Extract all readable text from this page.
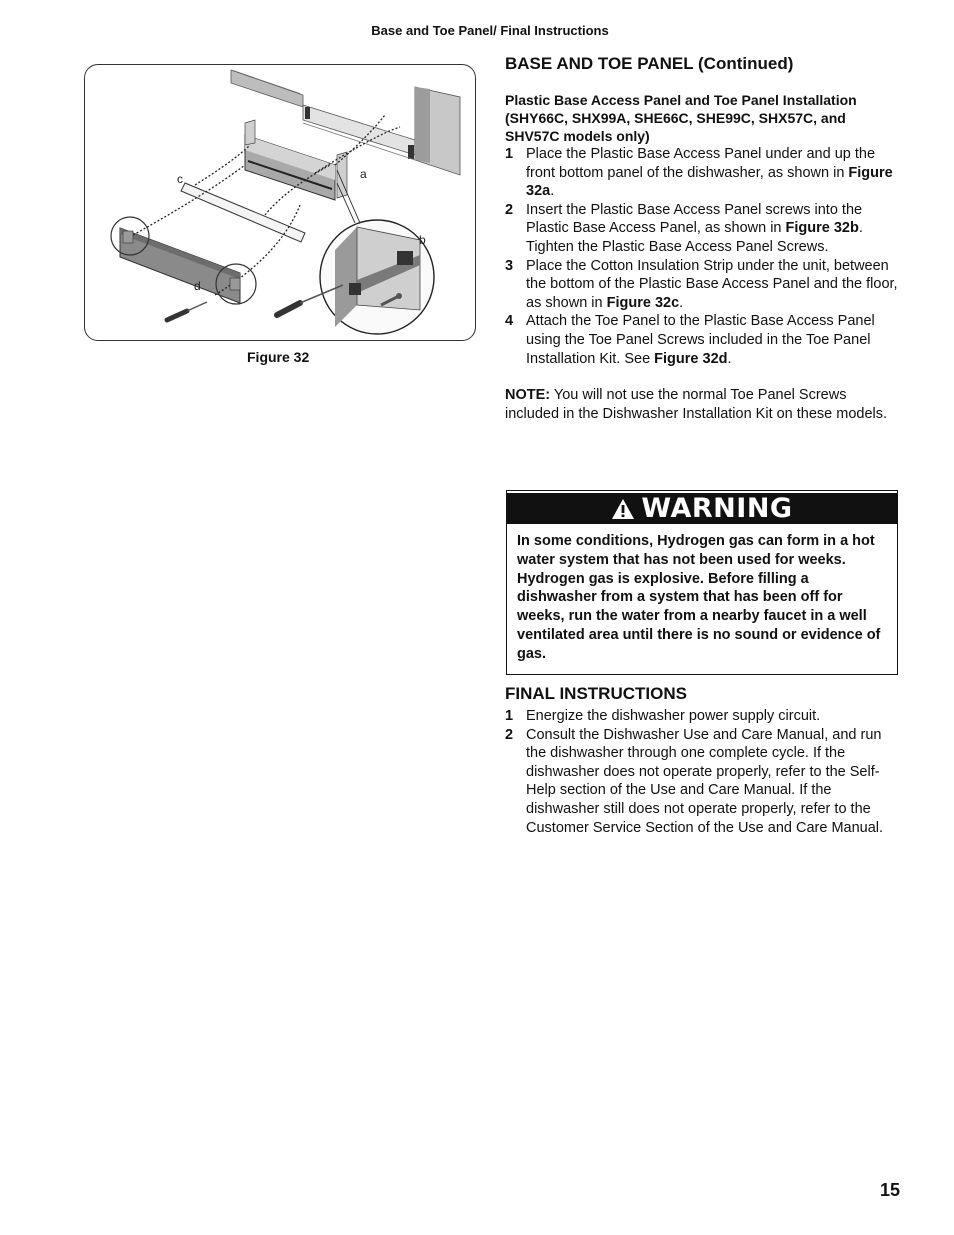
Base and Toe Panel/ Final Instructions
c	a
b
d
Figure 32
BASE AND TOE PANEL (Continued)
Plastic Base Access Panel and Toe Panel Installation (SHY66C, SHX99A, SHE66C, SHE99C, SHX57C, and SHV57C models only)
1 Place the Plastic Base Access Panel under and up the front bottom panel of the dishwasher, as shown in Figure 32a.
2 Insert the Plastic Base Access Panel screws into the Plastic Base Access Panel, as shown in Figure 32b. Tighten the Plastic Base Access Panel Screws.
3 Place the Cotton Insulation Strip under the unit, between the bottom of the Plastic Base Access Panel and the floor, as shown in Figure 32c.
4 Attach the Toe Panel to the Plastic Base Access Panel using the Toe Panel Screws included in the Toe Panel Installation Kit. See Figure 32d.
NOTE: You will not use the normal Toe Panel Screws included in the Dishwasher Installation Kit on these models.
WARNING
In some conditions, Hydrogen gas can form in a hot water system that has not been used for weeks. Hydrogen gas is explosive. Before filling a dishwasher from a system that has been off for weeks, run the water from a nearby faucet in a well ventilated area until there is no sound or evidence of gas.
FINAL INSTRUCTIONS
1 Energize the dishwasher power supply circuit.
2 Consult the Dishwasher Use and Care Manual, and run the dishwasher through one complete cycle. If the dishwasher does not operate properly, refer to the Self-Help section of the Use and Care Manual. If the dishwasher still does not operate properly, refer to the Customer Service Section of the Use and Care Manual.
15
